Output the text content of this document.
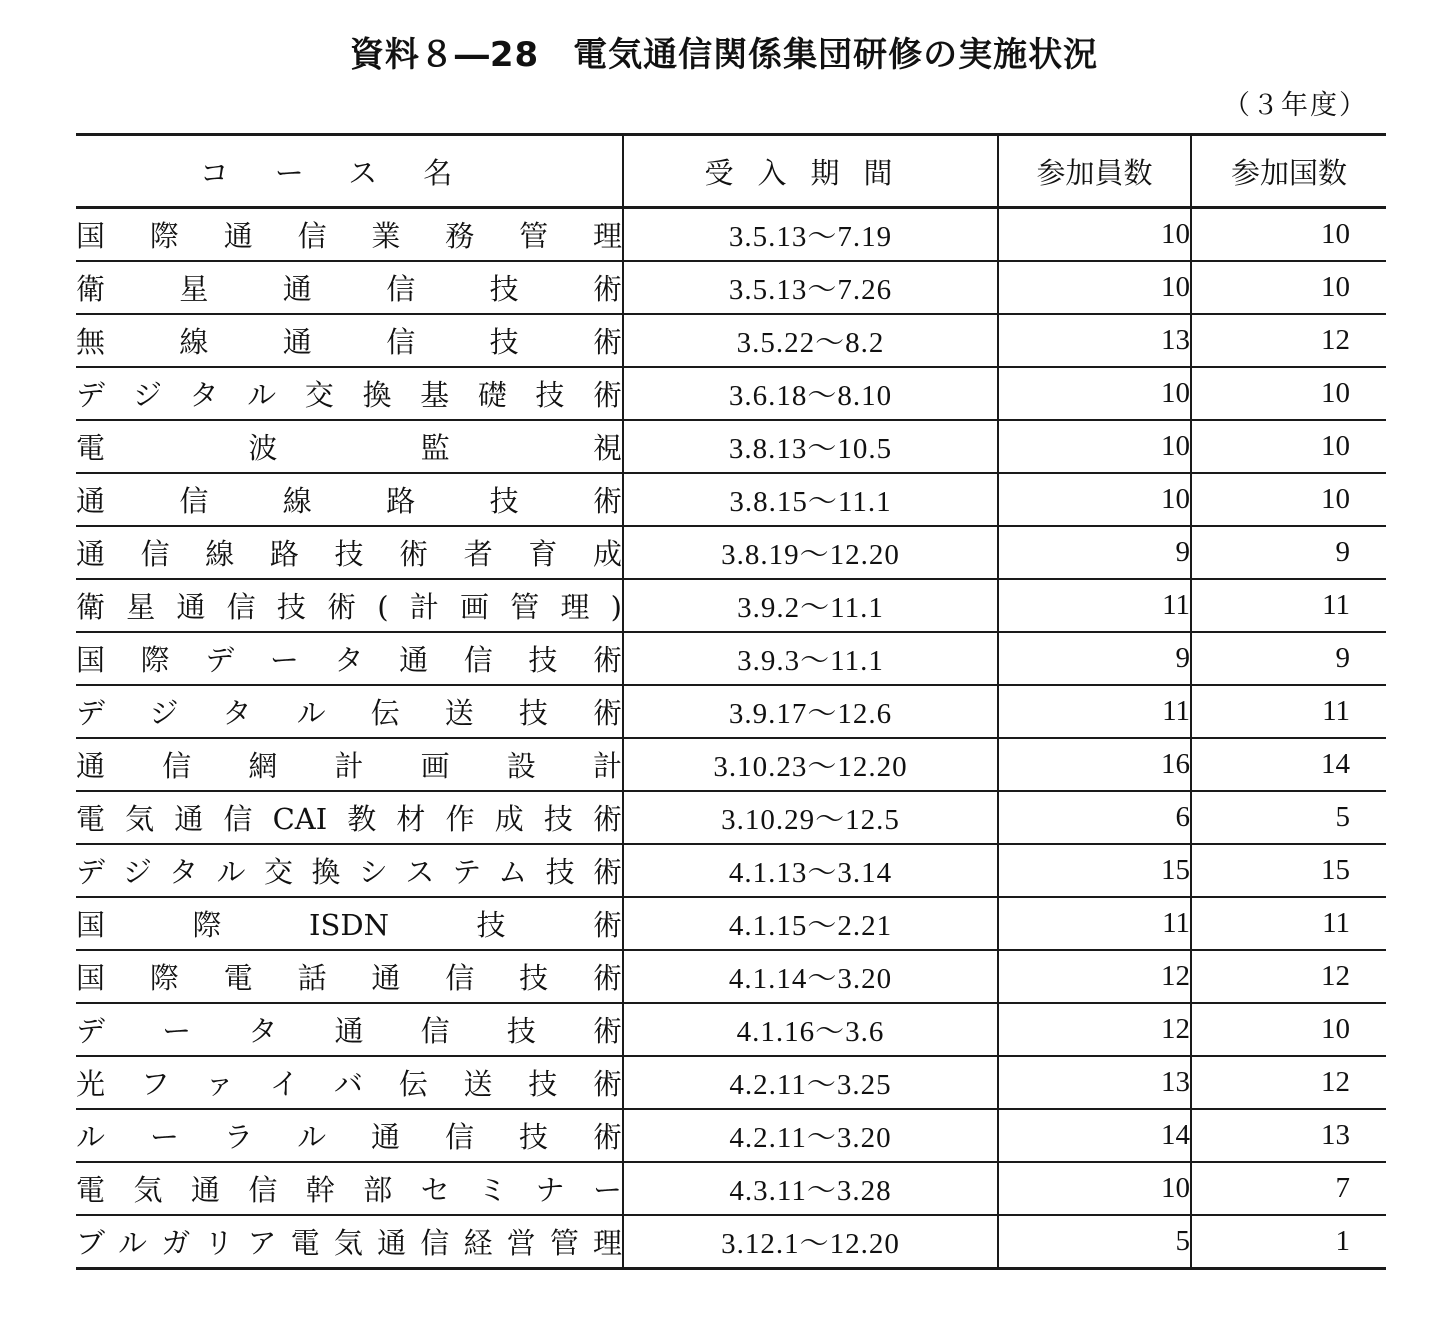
資料８―28 電気通信関係集団研修の実施状況
（３年度）
コース名	受入期間	参加員数	参加国数
国際通信業務管理	3.5.13～7.19	10	10
衛星通信技術	3.5.13～7.26	10	10
無線通信技術	3.5.22～8.2	13	12
デジタル交換基礎技術	3.6.18～8.10	10	10
電波監視	3.8.13～10.5	10	10
通信線路技術	3.8.15～11.1	10	10
通信線路技術者育成	3.8.19～12.20	9	9
衛星通信技術(計画管理)	3.9.2～11.1	11	11
国際データ通信技術	3.9.3～11.1	9	9
デジタル伝送技術	3.9.17～12.6	11	11
通信網計画設計	3.10.23～12.20	16	14
電気通信CAI教材作成技術	3.10.29～12.5	6	5
デジタル交換システム技術	4.1.13～3.14	15	15
国際ISDN技術	4.1.15～2.21	11	11
国際電話通信技術	4.1.14～3.20	12	12
データ通信技術	4.1.16～3.6	12	10
光ファイバ伝送技術	4.2.11～3.25	13	12
ルーラル通信技術	4.2.11～3.20	14	13
電気通信幹部セミナー	4.3.11～3.28	10	7
ブルガリア電気通信経営管理	3.12.1～12.20	5	1
